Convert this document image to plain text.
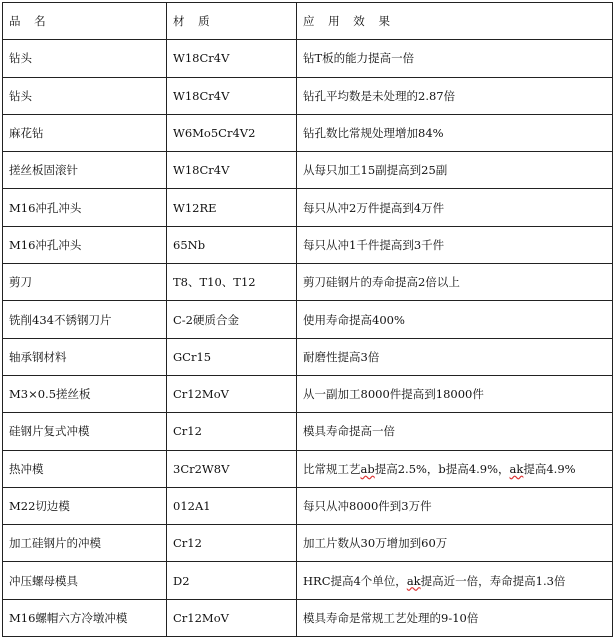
品 名	材 质	应 用 效 果
钻头	W18Cr4V	钻T板的能力提高一倍
钻头	W18Cr4V	钻孔平均数是未处理的2.87倍
麻花钻	W6Mo5Cr4V2	钻孔数比常规处理增加84%
搓丝板固滚针	W18Cr4V	从每只加工15副提高到25副
M16冲孔冲头	W12RE	每只从冲2万件提高到4万件
M16冲孔冲头	65Nb	每只从冲1千件提高到3千件
剪刀	T8、T10、T12	剪刀硅钢片的寿命提高2倍以上
铣削434不锈钢刀片	C-2硬质合金	使用寿命提高400%
轴承钢材料	GCr15	耐磨性提高3倍
M3×0.5搓丝板	Cr12MoV	从一副加工8000件提高到18000件
硅钢片复式冲模	Cr12	模具寿命提高一倍
热冲模	3Cr2W8V	比常规工艺ab提高2.5%，b提高4.9%，ak提高4.9%
M22切边模	012A1	每只从冲8000件到3万件
加工硅钢片的冲模	Cr12	加工片数从30万增加到60万
冲压螺母模具	D2	HRC提高4个单位，ak提高近一倍，寿命提高1.3倍
M16螺帽六方冷墩冲模	Cr12MoV	模具寿命是常规工艺处理的9-10倍
